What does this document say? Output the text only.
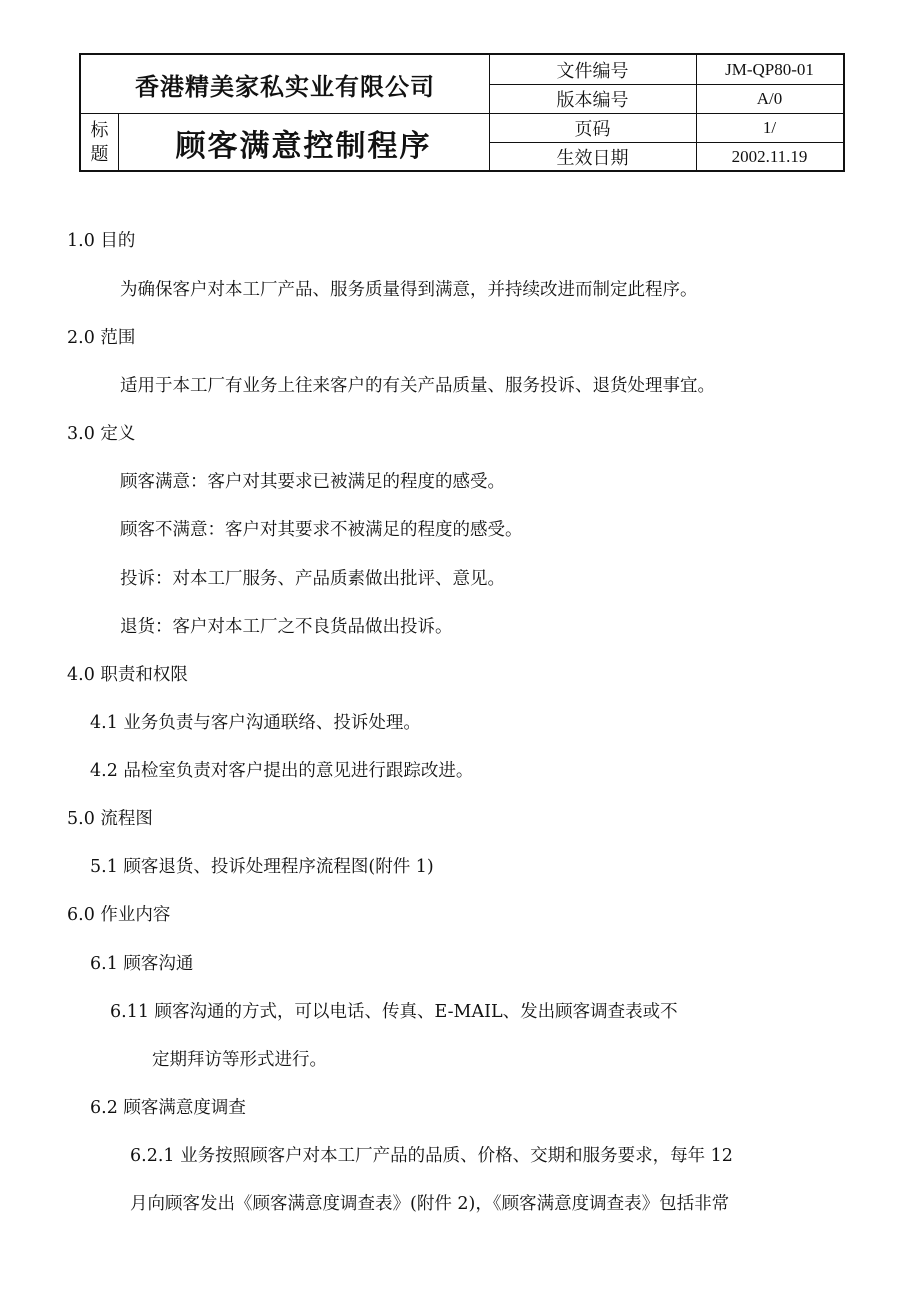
香港精美家私实业有限公司
标
题	顾客满意控制程序
文件编号	JM-QP80-01
版本编号	A/0
页码	1/
生效日期	2002.11.19
1.0 目的
为确保客户对本工厂产品、服务质量得到满意，并持续改进而制定此程序。
2.0 范围
适用于本工厂有业务上往来客户的有关产品质量、服务投诉、退货处理事宜。
3.0 定义
顾客满意：客户对其要求已被满足的程度的感受。
顾客不满意：客户对其要求不被满足的程度的感受。
投诉：对本工厂服务、产品质素做出批评、意见。
退货：客户对本工厂之不良货品做出投诉。
4.0 职责和权限
4.1 业务负责与客户沟通联络、投诉处理。
4.2 品检室负责对客户提出的意见进行跟踪改进。
5.0 流程图
5.1 顾客退货、投诉处理程序流程图(附件 1)
6.0 作业内容
6.1 顾客沟通
6.11 顾客沟通的方式，可以电话、传真、E-MAIL、发出顾客调查表或不
定期拜访等形式进行。
6.2 顾客满意度调查
6.2.1 业务按照顾客户对本工厂产品的品质、价格、交期和服务要求，每年 12
月向顾客发出《顾客满意度调查表》(附件 2)，《顾客满意度调查表》包括非常
